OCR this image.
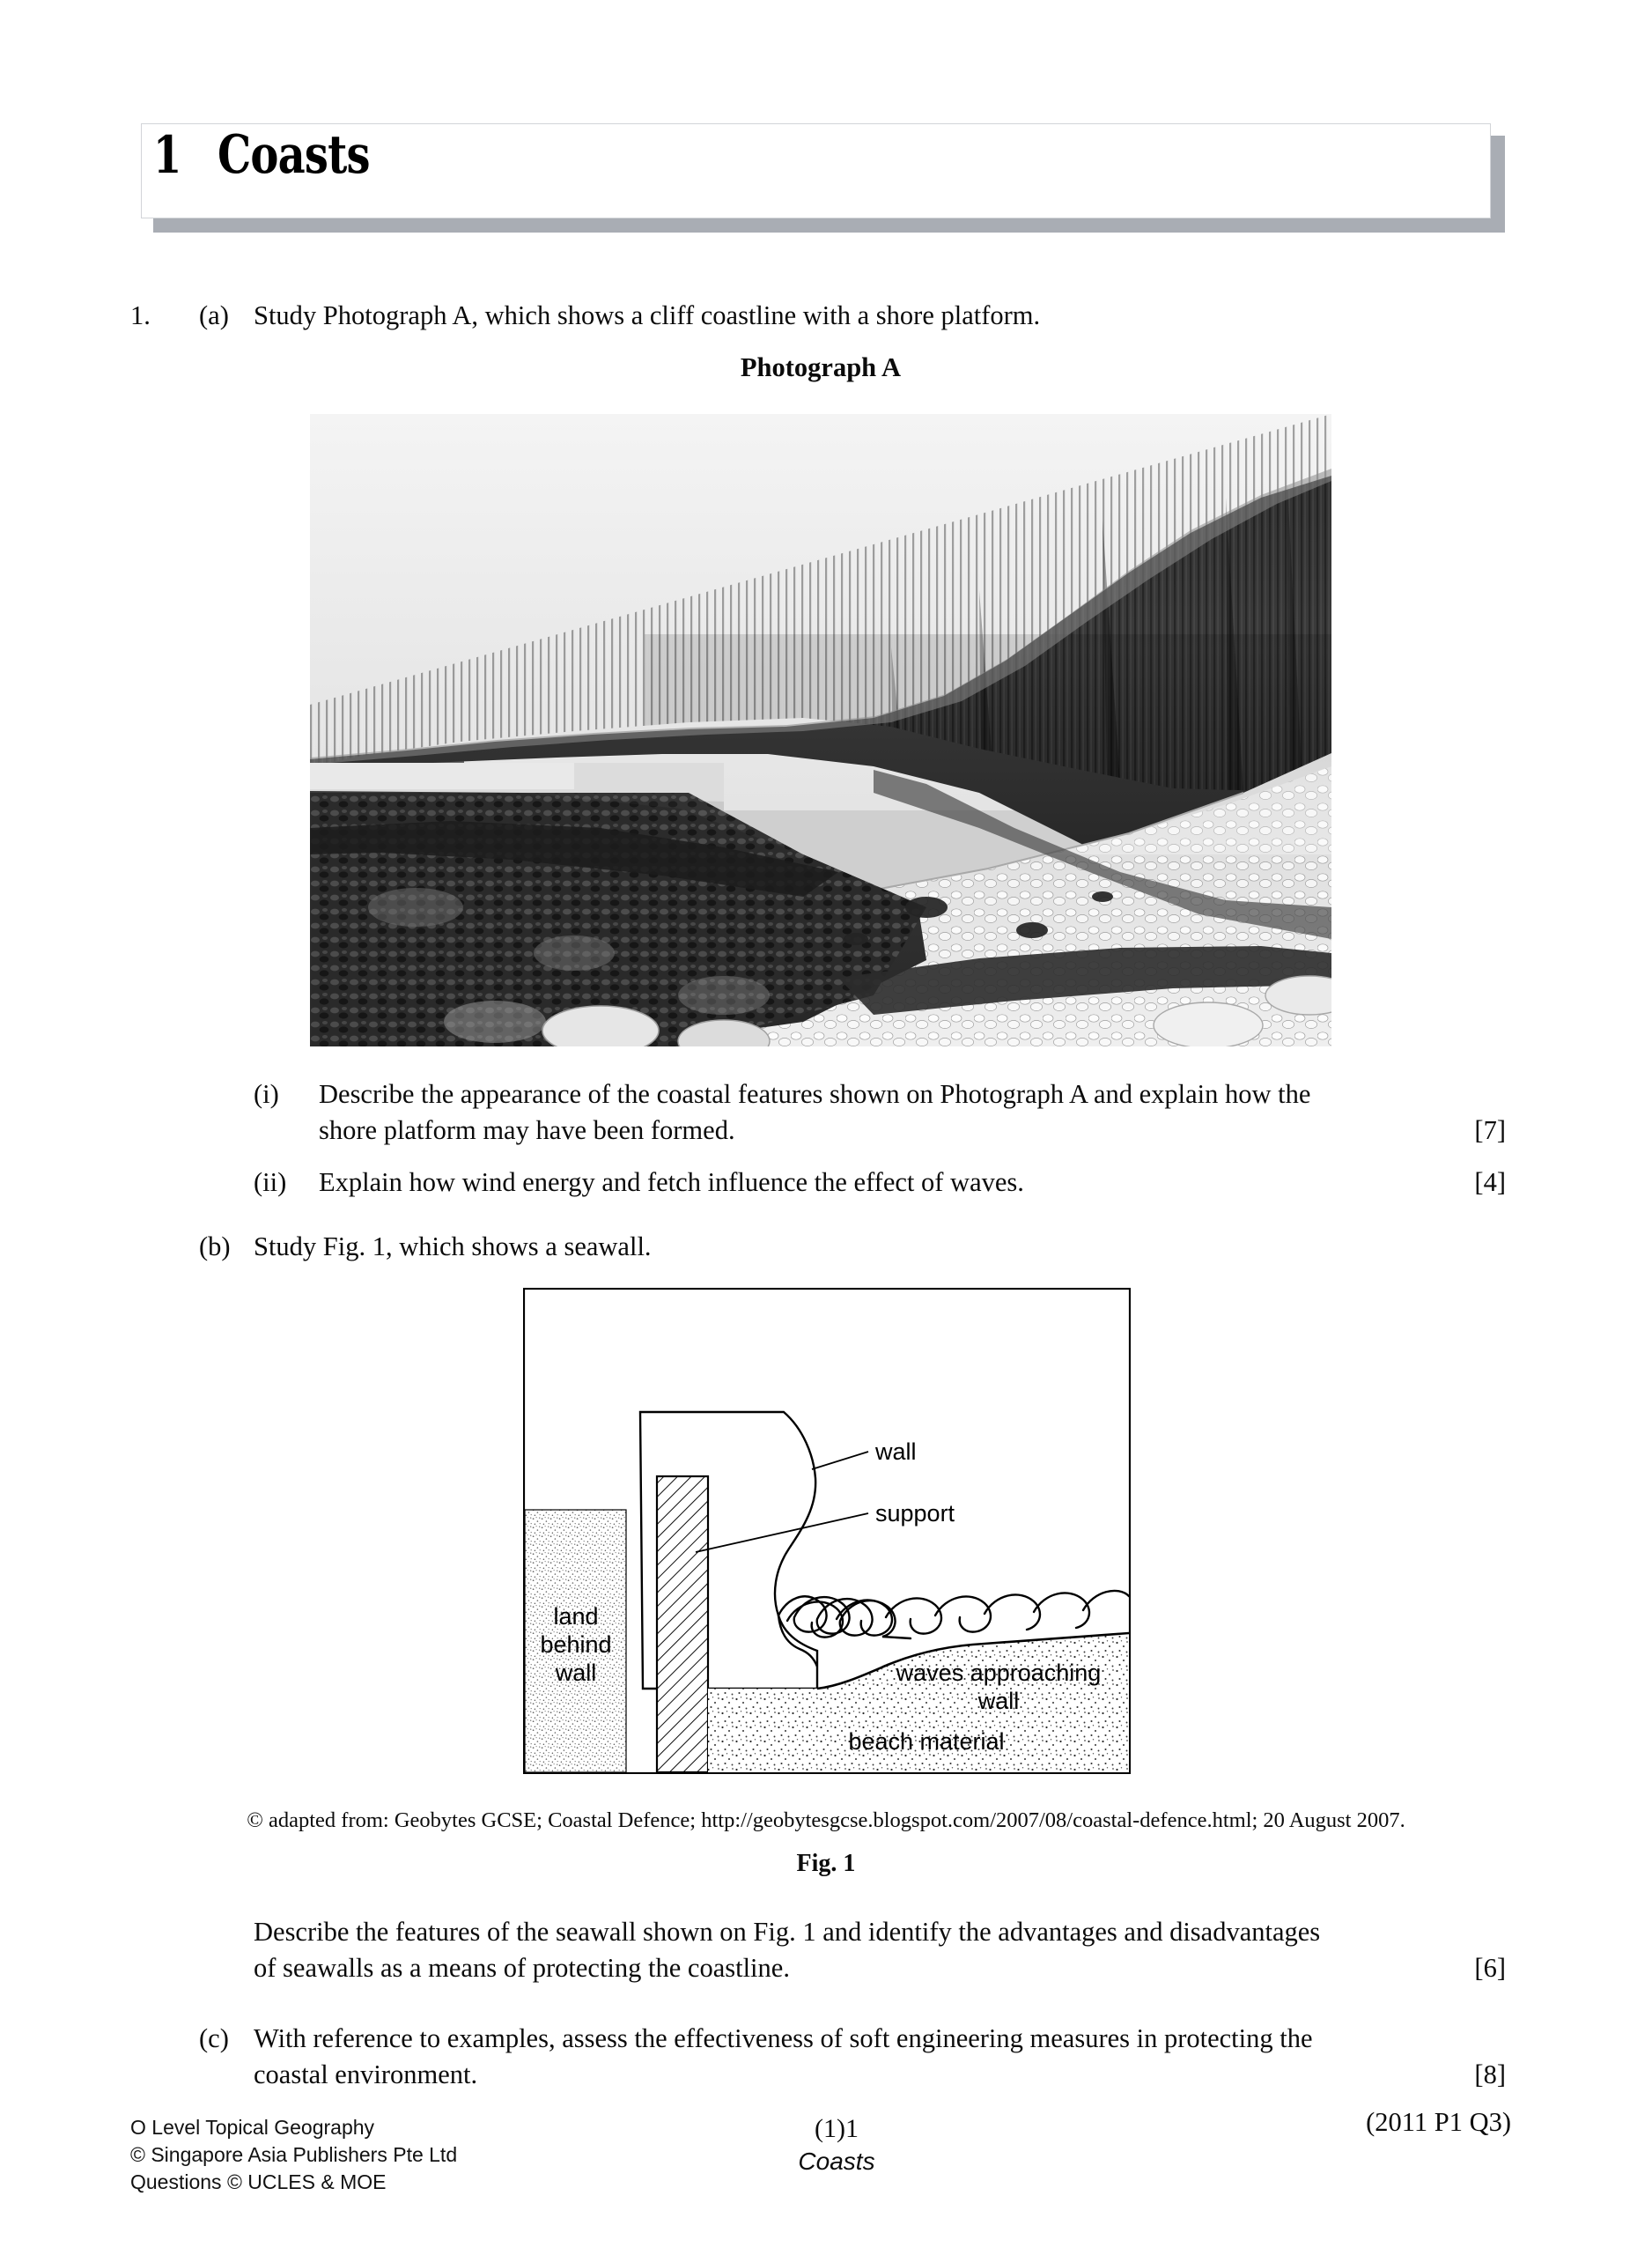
1 Coasts
1. (a) Study Photograph A, which shows a cliff coastline with a shore platform.
Photograph A
(i) Describe the appearance of the coastal features shown on Photograph A and explain how the
shore platform may have been formed.	[7]
(ii) Explain how wind energy and fetch influence the effect of waves.	[4]
(b) Study Fig. 1, which shows a seawall.
wall
support
land
behind
wall	waves approaching
wall
beach material
© adapted from: Geobytes GCSE; Coastal Defence; http://geobytesgcse.blogspot.com/2007/08/coastal-defence.html; 20 August 2007.
Fig. 1
Describe the features of the seawall shown on Fig. 1 and identify the advantages and disadvantages
of seawalls as a means of protecting the coastline.	[6]
(c) With reference to examples, assess the effectiveness of soft engineering measures in protecting the
coastal environment.	[8]
O Level Topical Geography
© Singapore Asia Publishers Pte Ltd
Questions © UCLES & MOE
(1)1
Coasts
(2011 P1 Q3)
